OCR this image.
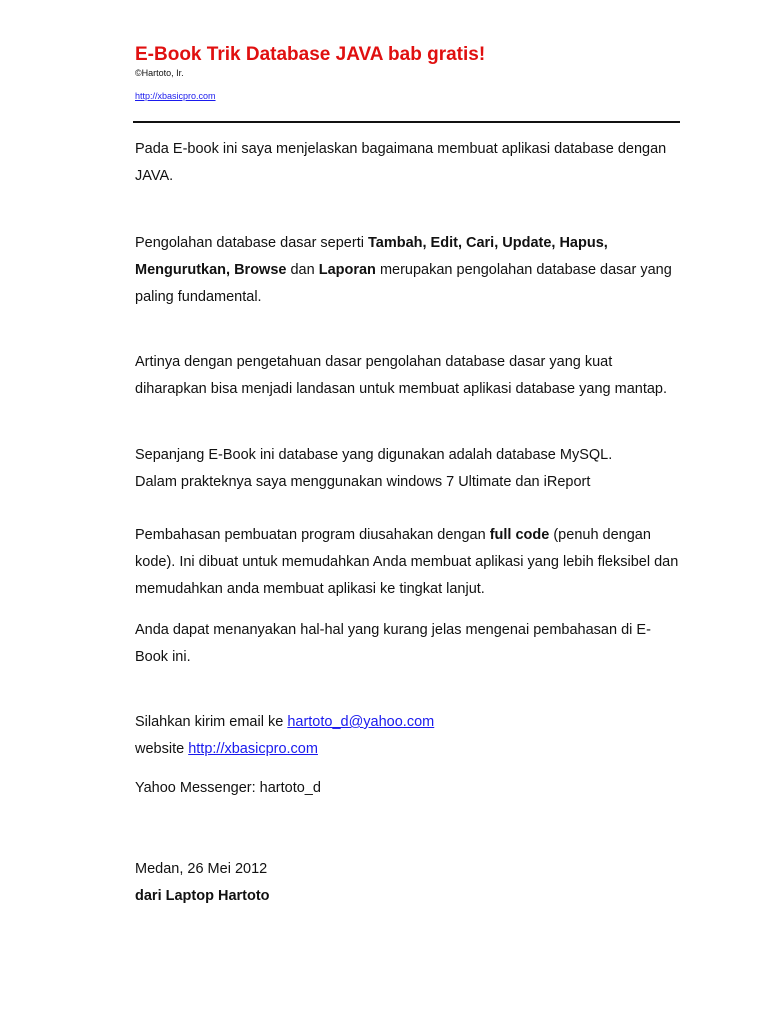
E-Book Trik Database JAVA bab gratis!
©Hartoto, Ir.
http://xbasicpro.com

Pada E-book ini saya menjelaskan bagaimana membuat aplikasi database dengan JAVA.

Pengolahan database dasar seperti Tambah, Edit, Cari, Update, Hapus, Mengurutkan, Browse dan Laporan merupakan pengolahan database dasar yang paling fundamental.

Artinya dengan pengetahuan dasar pengolahan database dasar yang kuat diharapkan bisa menjadi landasan untuk membuat aplikasi database yang mantap.

Sepanjang E-Book ini database yang digunakan adalah database MySQL.
Dalam prakteknya saya menggunakan windows 7 Ultimate dan iReport

Pembahasan pembuatan program diusahakan dengan full code (penuh dengan kode). Ini dibuat untuk memudahkan Anda membuat aplikasi yang lebih fleksibel dan memudahkan anda membuat aplikasi ke tingkat lanjut.

Anda dapat menanyakan hal-hal yang kurang jelas mengenai pembahasan di E-Book ini.

Silahkan kirim email ke hartoto_d@yahoo.com
website http://xbasicpro.com
Yahoo Messenger: hartoto_d
Medan, 26 Mei 2012
dari Laptop Hartoto
